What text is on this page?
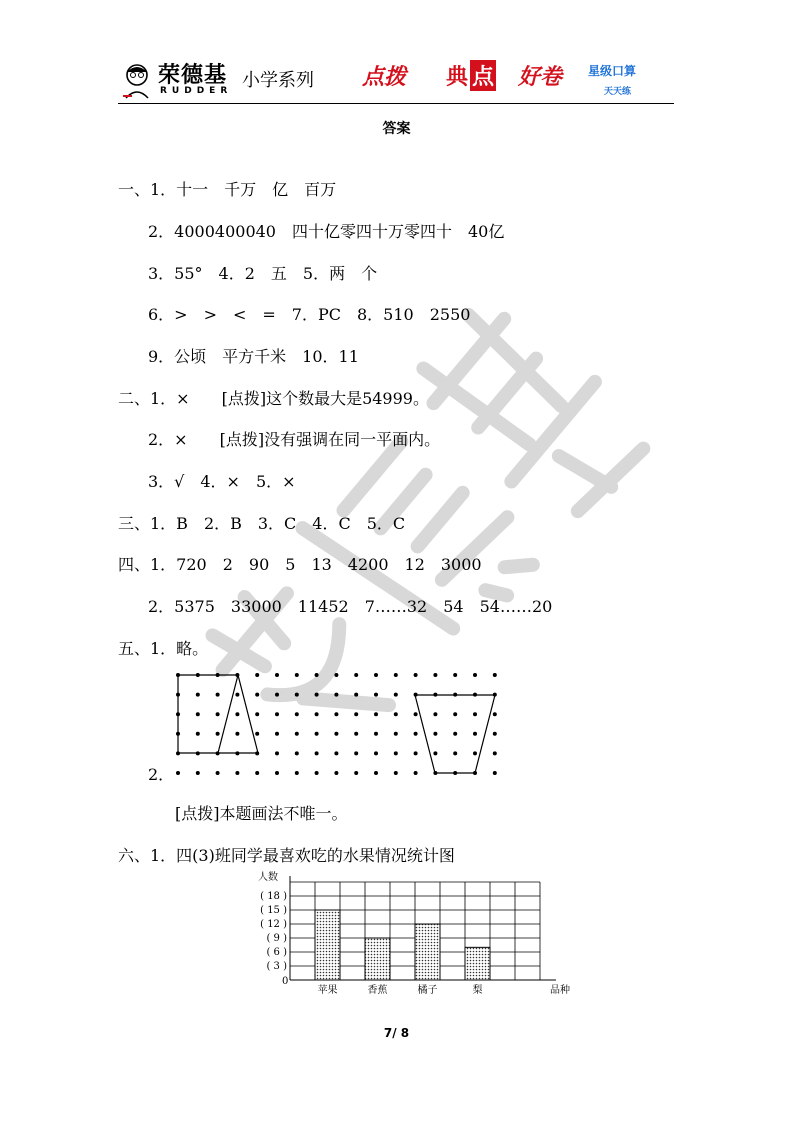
荣德基
RUDDER 小学系列 点拨 典 点 好卷 星级口算
天天练
答案
一、1．十一　千万　亿　百万
2．4000400040　四十亿零四十万零四十　40亿
3．55°　4．2　五　5．两　个
6．>　>　<　=　7．PC　8．510　2550
9．公顷　平方千米　10．11
二、1．×　　[点拨]这个数最大是54999。
2．×　　[点拨]没有强调在同一平面内。
3．√　4．×　5．×
三、1．B　2．B　3．C　4．C　5．C
四、1．720　2　90　5　13　4200　12　3000
2．5375　33000　11452　7……32　54　54……20
五、1．略。
2．
[点拨]本题画法不唯一。
六、1．四(3)班同学最喜欢吃的水果情况统计图
( 3 )
( 6 )
( 9 )
( 12 )
( 15 )
( 18 )
0
人数
品种
苹果	香蕉	橘子	梨
7/ 8
